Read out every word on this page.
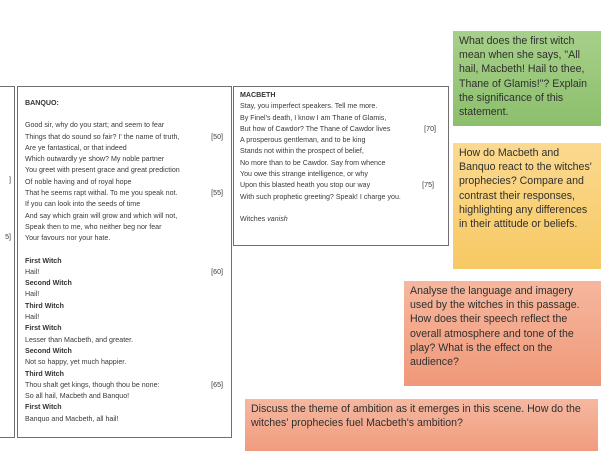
]
5]
BANQUO:
Good sir, why do you start; and seem to fear
Things that do sound so fair? I' the name of truth,	[50]
Are ye fantastical, or that indeed
Which outwardly ye show? My noble partner
You greet with present grace and great prediction
Of noble having and of royal hope
That he seems rapt withal. To me you speak not.	[55]
If you can look into the seeds of time
And say which grain will grow and which will not,
Speak then to me, who neither beg nor fear
Your favours nor your hate.
First Witch
Hail!	[60]
Second Witch
Hail!
Third Witch
Hail!
First Witch
Lesser than Macbeth, and greater.
Second Witch
Not so happy, yet much happier.
Third Witch
Thou shalt get kings, though thou be none:	[65]
So all hail, Macbeth and Banquo!
First Witch
Banquo and Macbeth, all hail!
MACBETH
Stay, you imperfect speakers. Tell me more.
By Finel's death, I know I am Thane of Glamis,
But how of Cawdor? The Thane of Cawdor lives	[70]
A prosperous gentleman, and to be king
Stands not within the prospect of belief,
No more than to be Cawdor. Say from whence
You owe this strange intelligence, or why
Upon this blasted heath you stop our way	[75]
With such prophetic greeting? Speak! I charge you.
Witches vanish
What does the first witch mean when she says, "All hail, Macbeth! Hail to thee, Thane of Glamis!"? Explain the significance of this statement.
How do Macbeth and Banquo react to the witches' prophecies? Compare and contrast their responses, highlighting any differences in their attitude or beliefs.
Analyse the language and imagery used by the witches in this passage. How does their speech reflect the overall atmosphere and tone of the play? What is the effect on the audience?
Discuss the theme of ambition as it emerges in this scene. How do the witches' prophecies fuel Macbeth's ambition?
